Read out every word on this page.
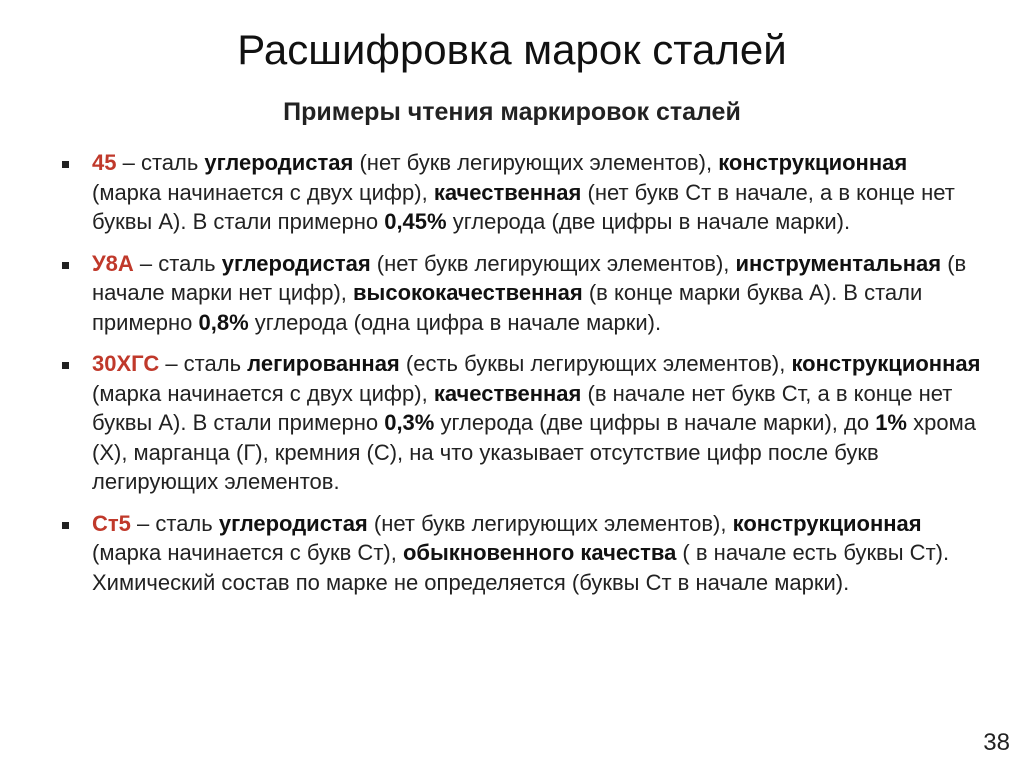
Расшифровка марок сталей
Примеры чтения маркировок сталей
45 – сталь углеродистая (нет букв легирующих элементов), конструкционная (марка начинается с двух цифр), качественная (нет букв Ст в начале, а в конце нет буквы А). В стали примерно 0,45% углерода (две цифры в начале марки).
У8А – сталь углеродистая (нет букв легирующих элементов), инструментальная (в начале марки нет цифр), высококачественная (в конце марки буква А). В стали примерно 0,8% углерода (одна цифра в начале марки).
30ХГС – сталь легированная (есть буквы легирующих элементов), конструкционная (марка начинается с двух цифр), качественная (в начале нет букв Ст, а в конце нет буквы А). В стали примерно 0,3% углерода (две цифры в начале марки), до 1% хрома (Х), марганца (Г), кремния (С), на что указывает отсутствие цифр после букв легирующих элементов.
Ст5 – сталь углеродистая (нет букв легирующих элементов), конструкционная (марка начинается с букв Ст), обыкновенного качества ( в начале есть буквы Ст). Химический состав по марке не определяется (буквы Ст в начале марки).
38
